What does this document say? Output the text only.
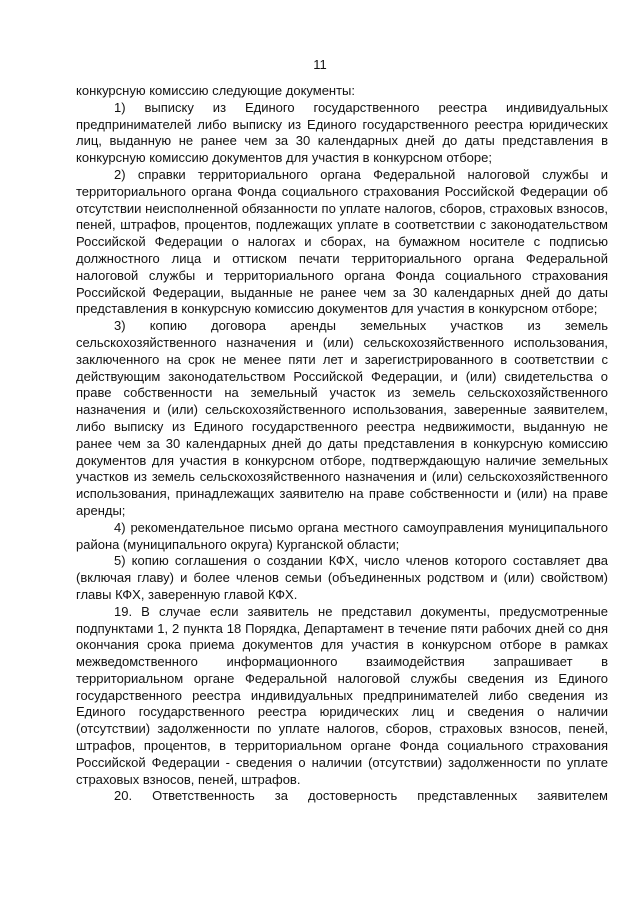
11

конкурсную комиссию следующие документы:

1) выписку из Единого государственного реестра индивидуальных предпринимателей либо выписку из Единого государственного реестра юридических лиц, выданную не ранее чем за 30 календарных дней до даты представления в конкурсную комиссию документов для участия в конкурсном отборе;

2) справки территориального органа Федеральной налоговой службы и территориального органа Фонда социального страхования Российской Федерации об отсутствии неисполненной обязанности по уплате налогов, сборов, страховых взносов, пеней, штрафов, процентов, подлежащих уплате в соответствии с законодательством Российской Федерации о налогах и сборах, на бумажном носителе с подписью должностного лица и оттиском печати территориального органа Федеральной налоговой службы и территориального органа Фонда социального страхования Российской Федерации, выданные не ранее чем за 30 календарных дней до даты представления в конкурсную комиссию документов для участия в конкурсном отборе;

3) копию договора аренды земельных участков из земель сельскохозяйственного назначения и (или) сельскохозяйственного использования, заключенного на срок не менее пяти лет и зарегистрированного в соответствии с действующим законодательством Российской Федерации, и (или) свидетельства о праве собственности на земельный участок из земель сельскохозяйственного назначения и (или) сельскохозяйственного использования, заверенные заявителем, либо выписку из Единого государственного реестра недвижимости, выданную не ранее чем за 30 календарных дней до даты представления в конкурсную комиссию документов для участия в конкурсном отборе, подтверждающую наличие земельных участков из земель сельскохозяйственного назначения и (или) сельскохозяйственного использования, принадлежащих заявителю на праве собственности и (или) на праве аренды;

4) рекомендательное письмо органа местного самоуправления муниципального района (муниципального округа) Курганской области;

5) копию соглашения о создании КФХ, число членов которого составляет два (включая главу) и более членов семьи (объединенных родством и (или) свойством) главы КФХ, заверенную главой КФХ.

19. В случае если заявитель не представил документы, предусмотренные подпунктами 1, 2 пункта 18 Порядка, Департамент в течение пяти рабочих дней со дня окончания срока приема документов для участия в конкурсном отборе в рамках межведомственного информационного взаимодействия запрашивает в территориальном органе Федеральной налоговой службы сведения из Единого государственного реестра индивидуальных предпринимателей либо сведения из Единого государственного реестра юридических лиц и сведения о наличии (отсутствии) задолженности по уплате налогов, сборов, страховых взносов, пеней, штрафов, процентов, в территориальном органе Фонда социального страхования Российской Федерации - сведения о наличии (отсутствии) задолженности по уплате страховых взносов, пеней, штрафов.

20. Ответственность за достоверность представленных заявителем
